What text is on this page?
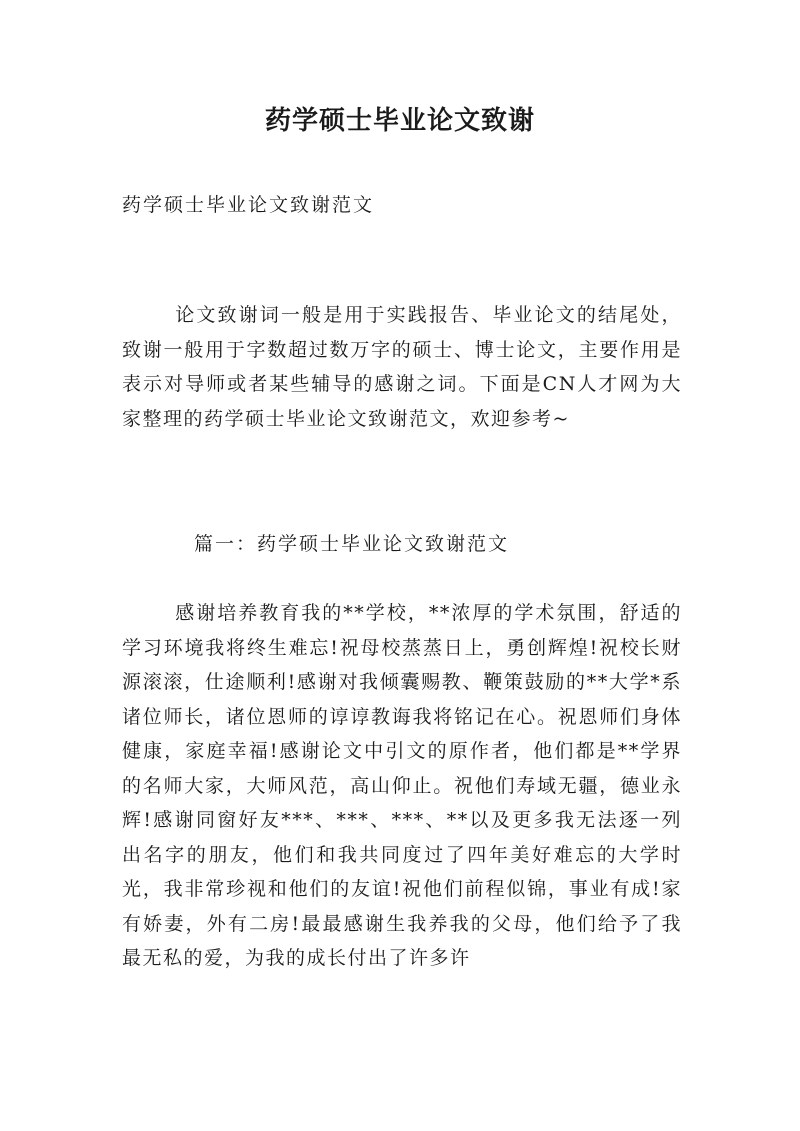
药学硕士毕业论文致谢
药学硕士毕业论文致谢范文
论文致谢词一般是用于实践报告、毕业论文的结尾处，致谢一般用于字数超过数万字的硕士、博士论文，主要作用是表示对导师或者某些辅导的感谢之词。下面是CN人才网为大家整理的药学硕士毕业论文致谢范文，欢迎参考~
篇一：药学硕士毕业论文致谢范文
感谢培养教育我的**学校，**浓厚的学术氛围，舒适的学习环境我将终生难忘!祝母校蒸蒸日上，勇创辉煌!祝校长财源滚滚，仕途顺利!感谢对我倾囊赐教、鞭策鼓励的**大学*系诸位师长，诸位恩师的谆谆教诲我将铭记在心。祝恩师们身体健康，家庭幸福!感谢论文中引文的原作者，他们都是**学界的名师大家，大师风范，高山仰止。祝他们寿域无疆，德业永辉!感谢同窗好友***、***、***、**以及更多我无法逐一列出名字的朋友，他们和我共同度过了四年美好难忘的大学时光，我非常珍视和他们的友谊!祝他们前程似锦，事业有成!家有娇妻，外有二房!最最感谢生我养我的父母，他们给予了我最无私的爱，为我的成长付出了许多许
